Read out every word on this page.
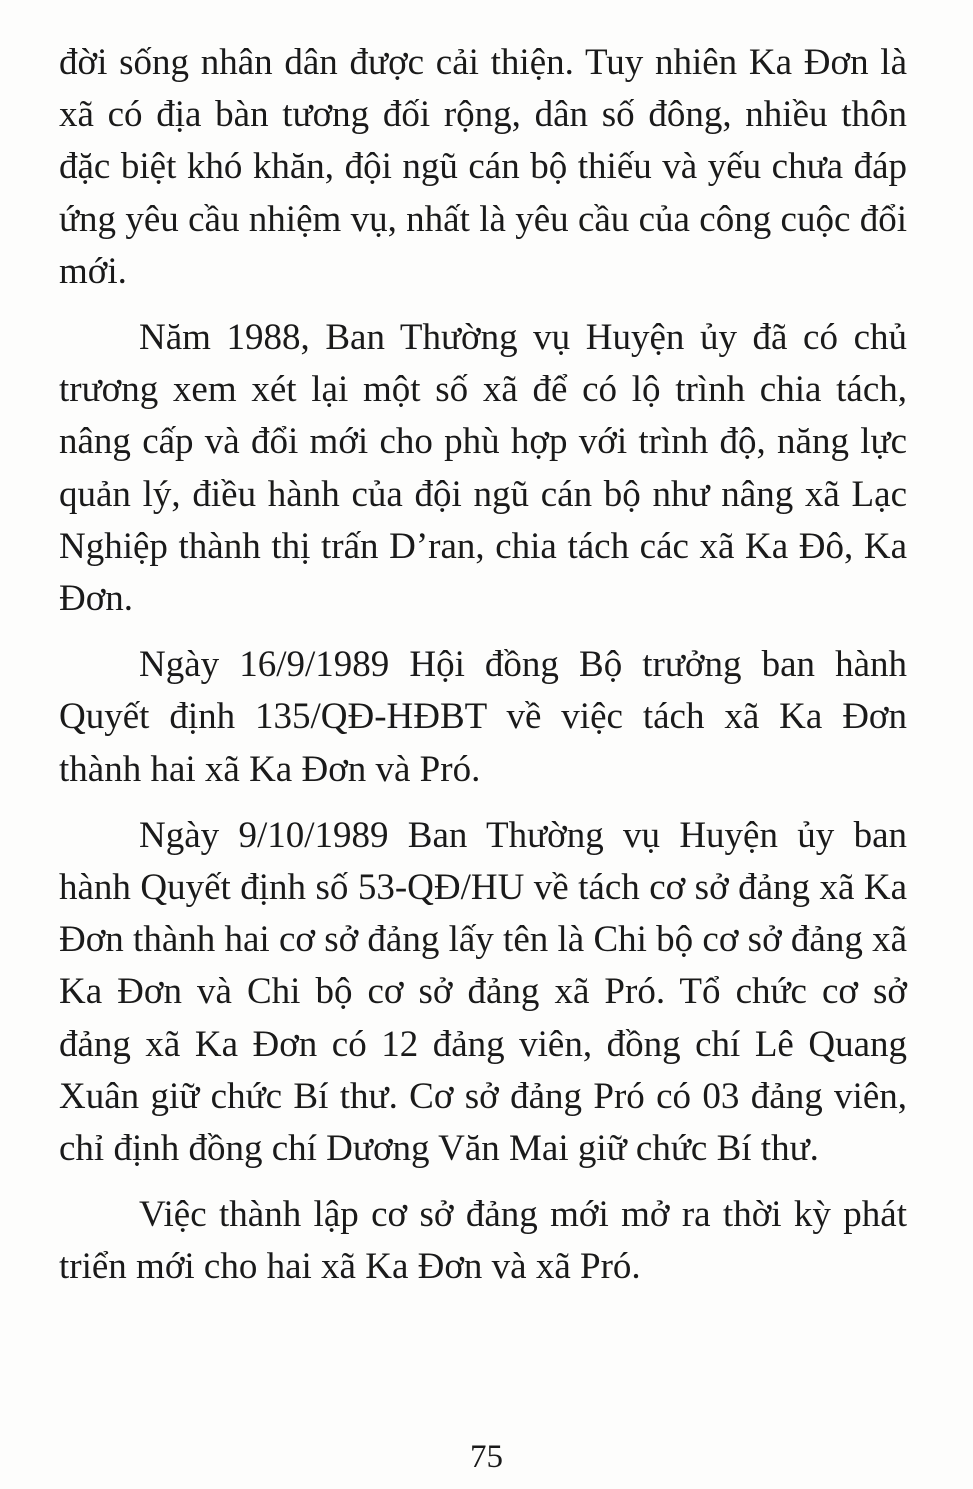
đời sống nhân dân được cải thiện. Tuy nhiên Ka Đơn là xã có địa bàn tương đối rộng, dân số đông, nhiều thôn đặc biệt khó khăn, đội ngũ cán bộ thiếu và yếu chưa đáp ứng yêu cầu nhiệm vụ, nhất là yêu cầu của công cuộc đổi mới.

Năm 1988, Ban Thường vụ Huyện ủy đã có chủ trương xem xét lại một số xã để có lộ trình chia tách, nâng cấp và đổi mới cho phù hợp với trình độ, năng lực quản lý, điều hành của đội ngũ cán bộ như nâng xã Lạc Nghiệp thành thị trấn D’ran, chia tách các xã Ka Đô, Ka Đơn.

Ngày 16/9/1989 Hội đồng Bộ trưởng ban hành Quyết định 135/QĐ-HĐBT về việc tách xã Ka Đơn thành hai xã Ka Đơn và Pró.

Ngày 9/10/1989 Ban Thường vụ Huyện ủy ban hành Quyết định số 53-QĐ/HU về tách cơ sở đảng xã Ka Đơn thành hai cơ sở đảng lấy tên là Chi bộ cơ sở đảng xã Ka Đơn và Chi bộ cơ sở đảng xã Pró. Tổ chức cơ sở đảng xã Ka Đơn có 12 đảng viên, đồng chí Lê Quang Xuân giữ chức Bí thư. Cơ sở đảng Pró có 03 đảng viên, chỉ định đồng chí Dương Văn Mai giữ chức Bí thư.

Việc thành lập cơ sở đảng mới mở ra thời kỳ phát triển mới cho hai xã Ka Đơn và xã Pró.

75
